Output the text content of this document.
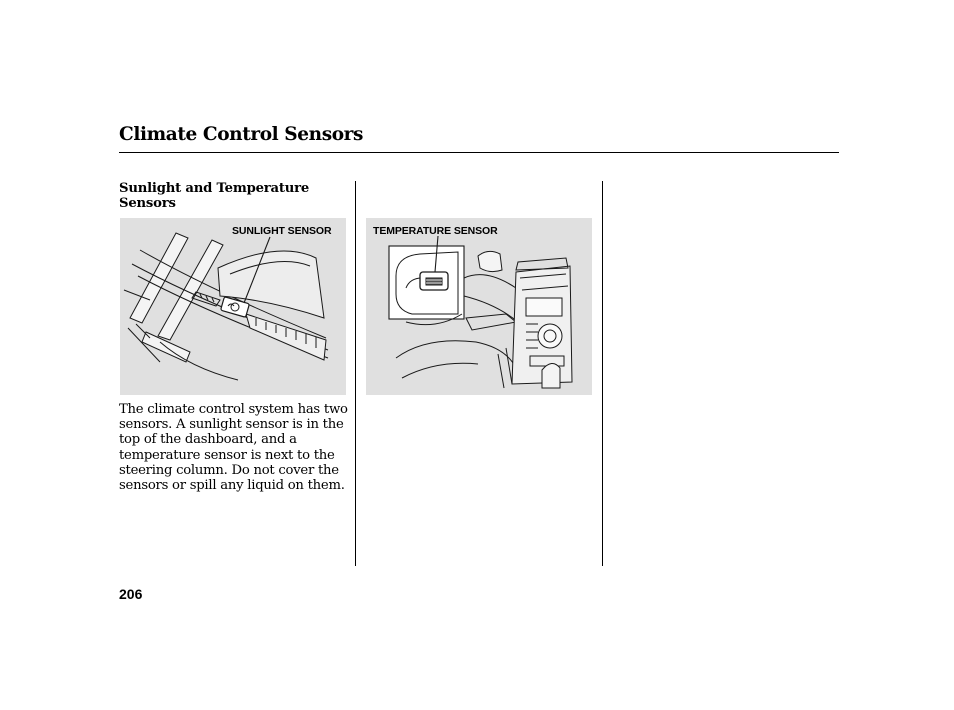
Climate Control Sensors
Sunlight and Temperature
Sensors
SUNLIGHT SENSOR	TEMPERATURE SENSOR
The climate control system has two
sensors. A sunlight sensor is in the
top of the dashboard, and a
temperature sensor is next to the
steering column. Do not cover the
sensors or spill any liquid on them.
206
